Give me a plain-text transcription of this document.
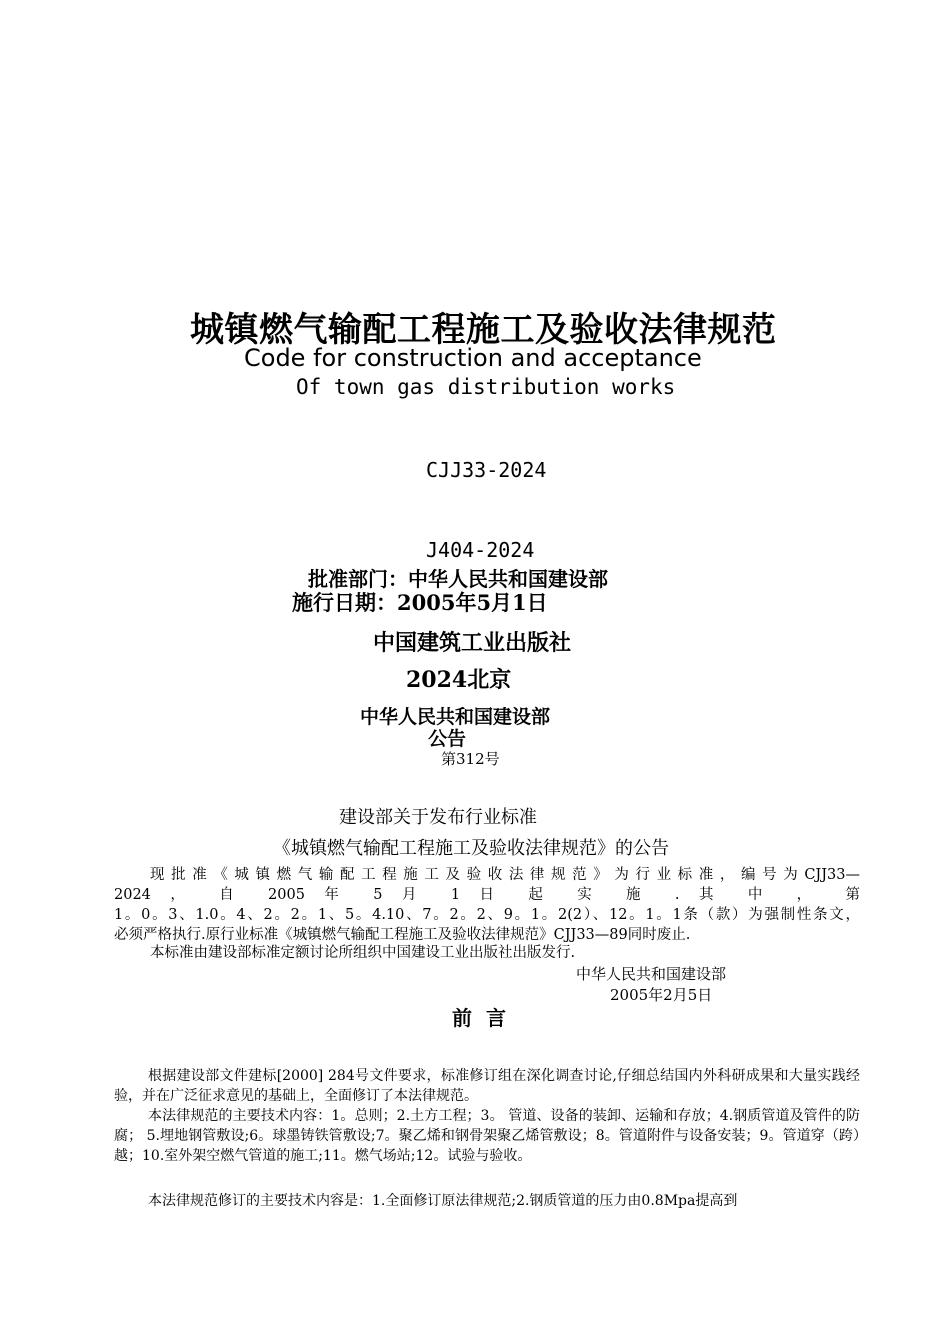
城镇燃气输配工程施工及验收法律规范
Code for construction and acceptance
Of town gas distribution works
CJJ33-2024
J404-2024
批准部门：中华人民共和国建设部
施行日期：2005年5月1日
中国建筑工业出版社
2024北京
中华人民共和国建设部
公告
第312号
建设部关于发布行业标准
《城镇燃气输配工程施工及验收法律规范》的公告
现批准《城镇燃气输配工程施工及验收法律规范》为行业标准，编号为CJJ33—
2024 ， 自 2005 年 5 月 1 日 起 实 施 . 其 中 ， 第
1。0。3、1.0。4、2。2。1、5。4.10、7。2。2、9。1。2(2）、12。1。1条（款）为强制性条文，
必须严格执行.原行业标准《城镇燃气输配工程施工及验收法律规范》CJJ33—89同时废止.
本标准由建设部标准定额讨论所组织中国建设工业出版社出版发行.
中华人民共和国建设部
2005年2月5日
前言
根据建设部文件建标[2000] 284号文件要求，标准修订组在深化调查讨论,仔细总结国内外科研成果和大量实践经验，并在广泛征求意见的基础上，全面修订了本法律规范。
本法律规范的主要技术内容：1。总则；2.土方工程；3。 管道、设备的装卸、运输和存放；4.钢质管道及管件的防腐； 5.埋地钢管敷设;6。球墨铸铁管敷设;7。聚乙烯和钢骨架聚乙烯管敷设；8。管道附件与设备安装；9。管道穿（跨）越；10.室外架空燃气管道的施工;11。燃气场站;12。试验与验收。
本法律规范修订的主要技术内容是：1.全面修订原法律规范;2.钢质管道的压力由0.8Mpa提高到
